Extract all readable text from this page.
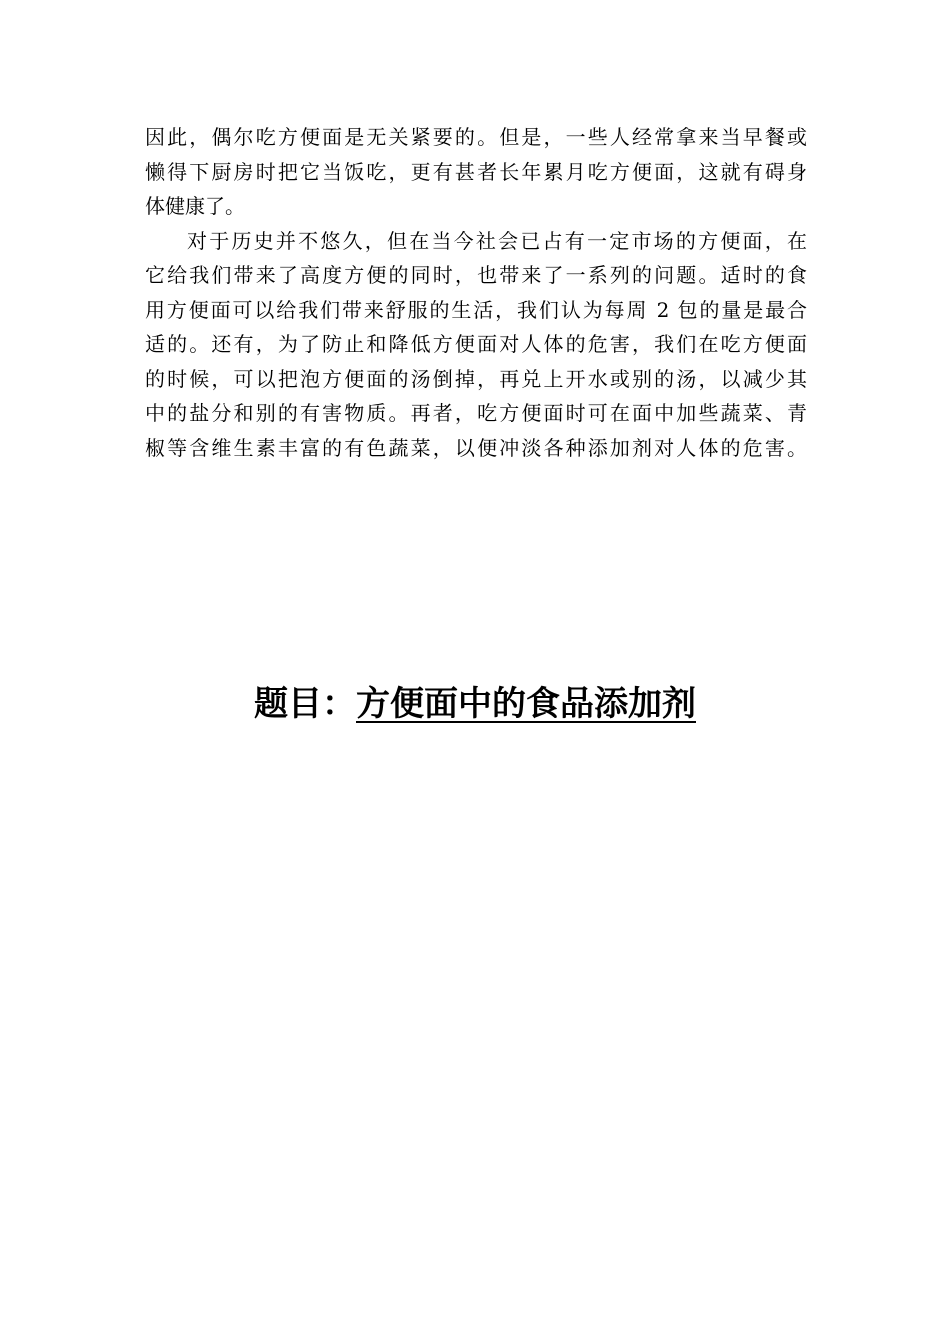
因此，偶尔吃方便面是无关紧要的。但是，一些人经常拿来当早餐或
懒得下厨房时把它当饭吃，更有甚者长年累月吃方便面，这就有碍身
体健康了。
对于历史并不悠久，但在当今社会已占有一定市场的方便面，在
它给我们带来了高度方便的同时，也带来了一系列的问题。适时的食
用方便面可以给我们带来舒服的生活，我们认为每周 2 包的量是最合
适的。还有，为了防止和降低方便面对人体的危害，我们在吃方便面
的时候，可以把泡方便面的汤倒掉，再兑上开水或别的汤，以减少其
中的盐分和别的有害物质。再者，吃方便面时可在面中加些蔬菜、青
椒等含维生素丰富的有色蔬菜，以便冲淡各种添加剂对人体的危害。
题目：方便面中的食品添加剂
